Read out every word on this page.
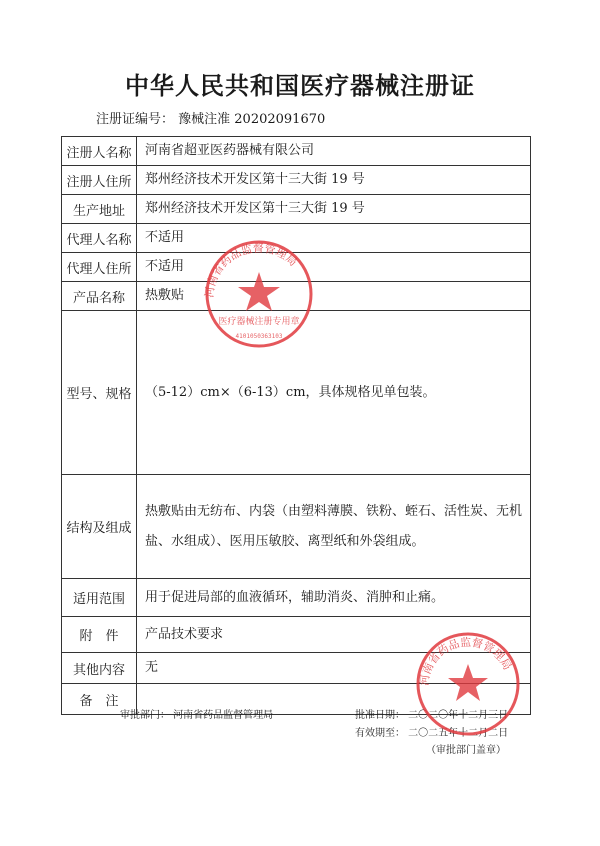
中华人民共和国医疗器械注册证
注册证编号： 豫械注准 20202091670
注册人名称	河南省超亚医药器械有限公司
注册人住所	郑州经济技术开发区第十三大街 19 号
生产地址	郑州经济技术开发区第十三大街 19 号
代理人名称	不适用
代理人住所	不适用
产品名称	热敷贴
型号、规格	（5-12）cm×（6-13）cm，具体规格见单包装。
结构及组成	热敷贴由无纺布、内袋（由塑料薄膜、铁粉、蛭石、活性炭、无机盐、水组成）、医用压敏胶、离型纸和外袋组成。
适用范围	用于促进局部的血液循环，辅助消炎、消肿和止痛。
附　件	产品技术要求
其他内容	无
备　注	
审批部门： 河南省药品监督管理局	批准日期： 二〇二〇年十二月三日
有效期至： 二〇二五年十二月二日
（审批部门盖章）
河南省药品监督管理局
医疗器械注册专用章
4101050363103
河南省药品监督管理局
